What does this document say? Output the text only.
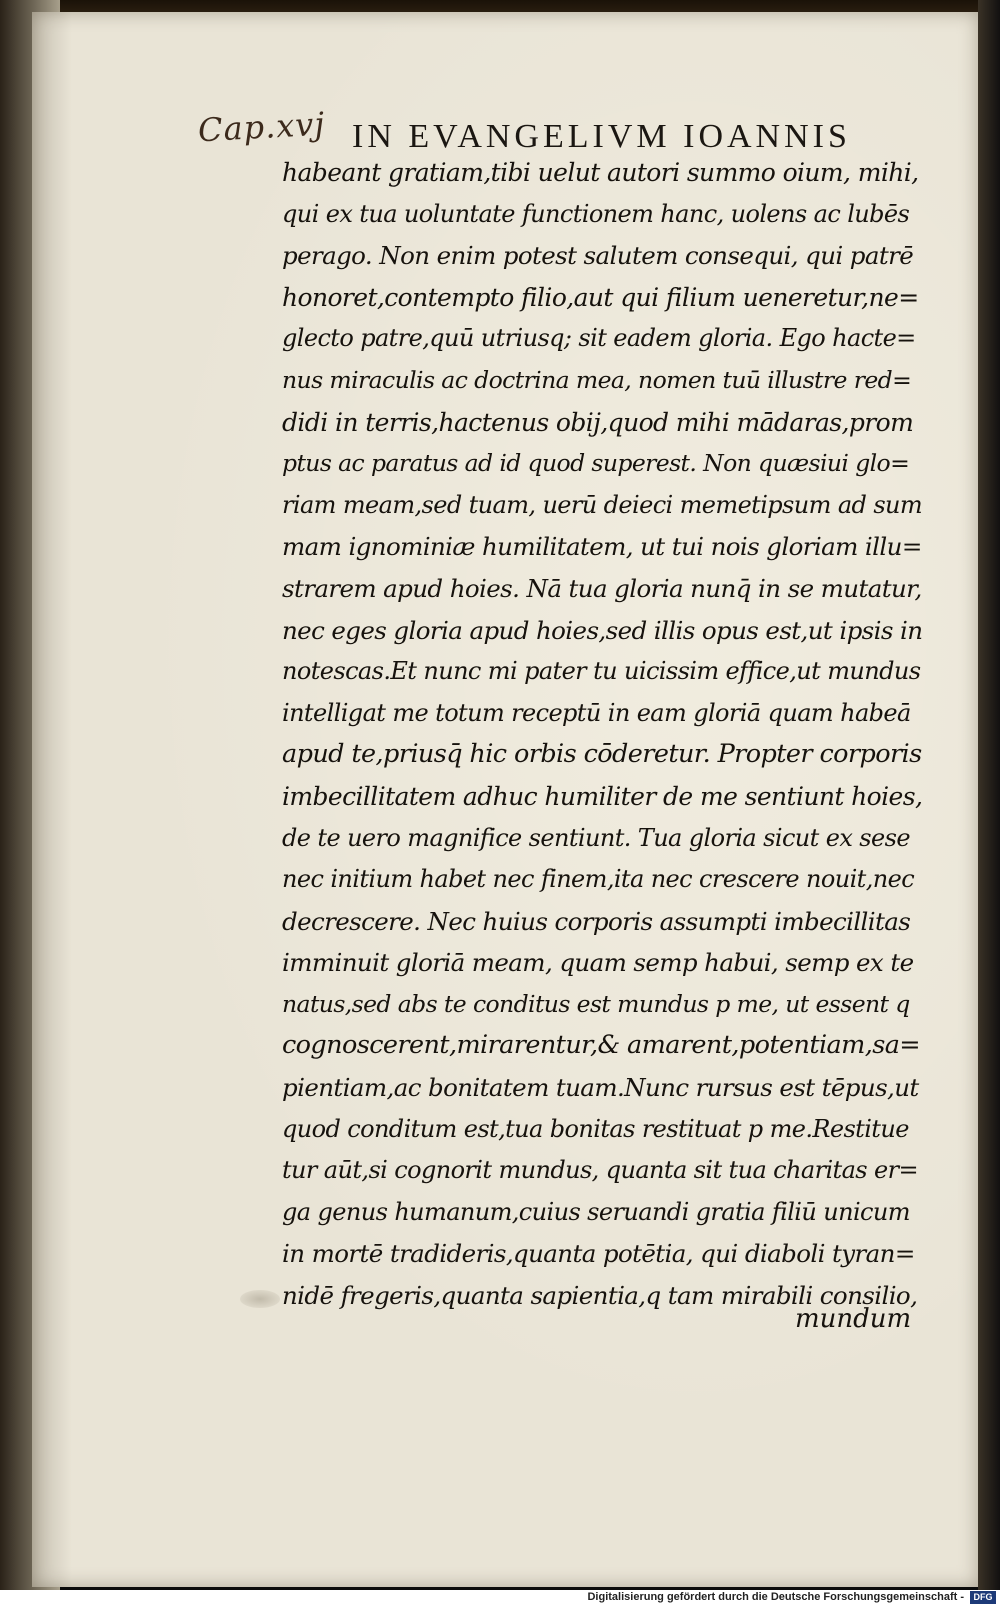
Cap.xvj IN EVANGELIVM IOANNIS
habeant gratiam,tibi uelut autori summo oium, mihi,
qui ex tua uoluntate functionem hanc, uolens ac lubēs
perago. Non enim potest salutem consequi, qui patrē
honoret,contempto filio,aut qui filium ueneretur,ne=
glecto patre,quū utriusq; sit eadem gloria. Ego hacte=
nus miraculis ac doctrina mea, nomen tuū illustre red=
didi in terris,hactenus obij,quod mihi mādaras,prom
ptus ac paratus ad id quod superest. Non quæsiui glo=
riam meam,sed tuam, uerū deieci memetipsum ad sum
mam ignominiæ humilitatem, ut tui nois gloriam illu=
strarem apud hoies. Nā tua gloria nunq̄ in se mutatur,
nec eges gloria apud hoies,sed illis opus est,ut ipsis in
notescas.Et nunc mi pater tu uicissim effice,ut mundus
intelligat me totum receptū in eam gloriā quam habeā
apud te,priusq̄ hic orbis cōderetur. Propter corporis
imbecillitatem adhuc humiliter de me sentiunt hoies,
de te uero magnifice sentiunt. Tua gloria sicut ex sese
nec initium habet nec finem,ita nec crescere nouit,nec
decrescere. Nec huius corporis assumpti imbecillitas
imminuit gloriā meam, quam semp habui, semp ex te
natus,sed abs te conditus est mundus p me, ut essent q
cognoscerent,mirarentur,& amarent,potentiam,sa=
pientiam,ac bonitatem tuam.Nunc rursus est tēpus,ut
quod conditum est,tua bonitas restituat p me.Restitue
tur aūt,si cognorit mundus, quanta sit tua charitas er=
ga genus humanum,cuius seruandi gratia filiū unicum
in mortē tradideris,quanta potētia, qui diaboli tyran=
nidē fregeris,quanta sapientia,q tam mirabili consilio,
mundum
Digitalisierung gefördert durch die Deutsche Forschungsgemeinschaft -	DFG
